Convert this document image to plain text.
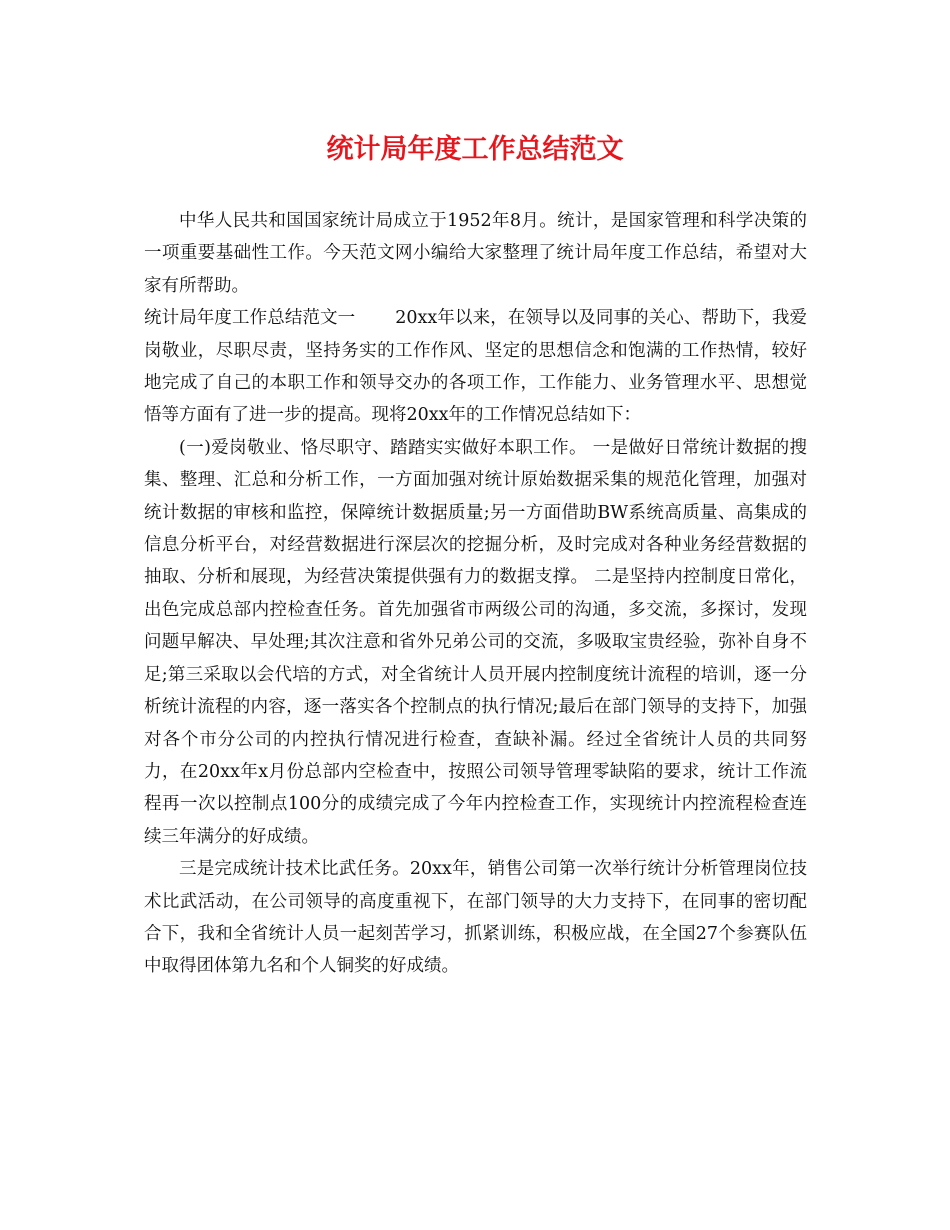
统计局年度工作总结范文

中华人民共和国国家统计局成立于1952年8月。统计，是国家管理和科学决策的一项重要基础性工作。今天范文网小编给大家整理了统计局年度工作总结，希望对大家有所帮助。

统计局年度工作总结范文一 20xx年以来，在领导以及同事的关心、帮助下，我爱岗敬业，尽职尽责，坚持务实的工作作风、坚定的思想信念和饱满的工作热情，较好地完成了自己的本职工作和领导交办的各项工作，工作能力、业务管理水平、思想觉悟等方面有了进一步的提高。现将20xx年的工作情况总结如下：

(一)爱岗敬业、恪尽职守、踏踏实实做好本职工作。 一是做好日常统计数据的搜集、整理、汇总和分析工作，一方面加强对统计原始数据采集的规范化管理，加强对统计数据的审核和监控，保障统计数据质量;另一方面借助BW系统高质量、高集成的信息分析平台，对经营数据进行深层次的挖掘分析，及时完成对各种业务经营数据的抽取、分析和展现，为经营决策提供强有力的数据支撑。 二是坚持内控制度日常化，出色完成总部内控检查任务。首先加强省市两级公司的沟通，多交流，多探讨，发现问题早解决、早处理;其次注意和省外兄弟公司的交流，多吸取宝贵经验，弥补自身不足;第三采取以会代培的方式，对全省统计人员开展内控制度统计流程的培训，逐一分析统计流程的内容，逐一落实各个控制点的执行情况;最后在部门领导的支持下，加强对各个市分公司的内控执行情况进行检查，查缺补漏。经过全省统计人员的共同努力，在20xx年x月份总部内空检查中，按照公司领导管理零缺陷的要求，统计工作流程再一次以控制点100分的成绩完成了今年内控检查工作，实现统计内控流程检查连续三年满分的好成绩。

三是完成统计技术比武任务。20xx年，销售公司第一次举行统计分析管理岗位技术比武活动，在公司领导的高度重视下，在部门领导的大力支持下，在同事的密切配合下，我和全省统计人员一起刻苦学习，抓紧训练，积极应战，在全国27个参赛队伍中取得团体第九名和个人铜奖的好成绩。
